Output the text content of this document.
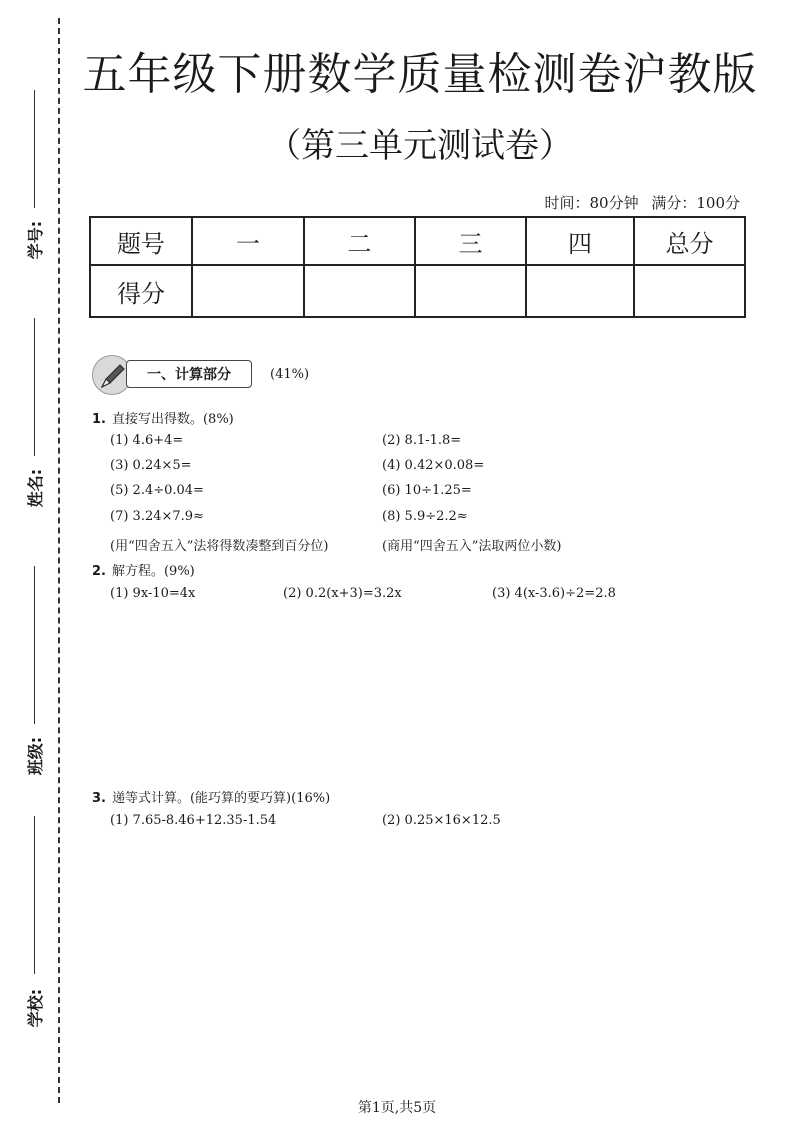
学号:
姓名:
班级:
学校:
五年级下册数学质量检测卷沪教版
（第三单元测试卷）
时间：80分钟 满分：100分
题号	一	二	三	四	总分
得分					
一、计算部分	(41%)
1. 直接写出得数。(8%)
(1) 4.6+4=	(2) 8.1-1.8=
(3) 0.24×5=	(4) 0.42×0.08=
(5) 2.4÷0.04=	(6) 10÷1.25=
(7) 3.24×7.9≈	(8) 5.9÷2.2≈
(用“四舍五入”法将得数凑整到百分位)	(商用“四舍五入”法取两位小数)
2. 解方程。(9%)
(1) 9x-10=4x	(2) 0.2(x+3)=3.2x	(3) 4(x-3.6)÷2=2.8
3. 递等式计算。(能巧算的要巧算)(16%)
(1) 7.65-8.46+12.35-1.54	(2) 0.25×16×12.5
第1页,共5页
